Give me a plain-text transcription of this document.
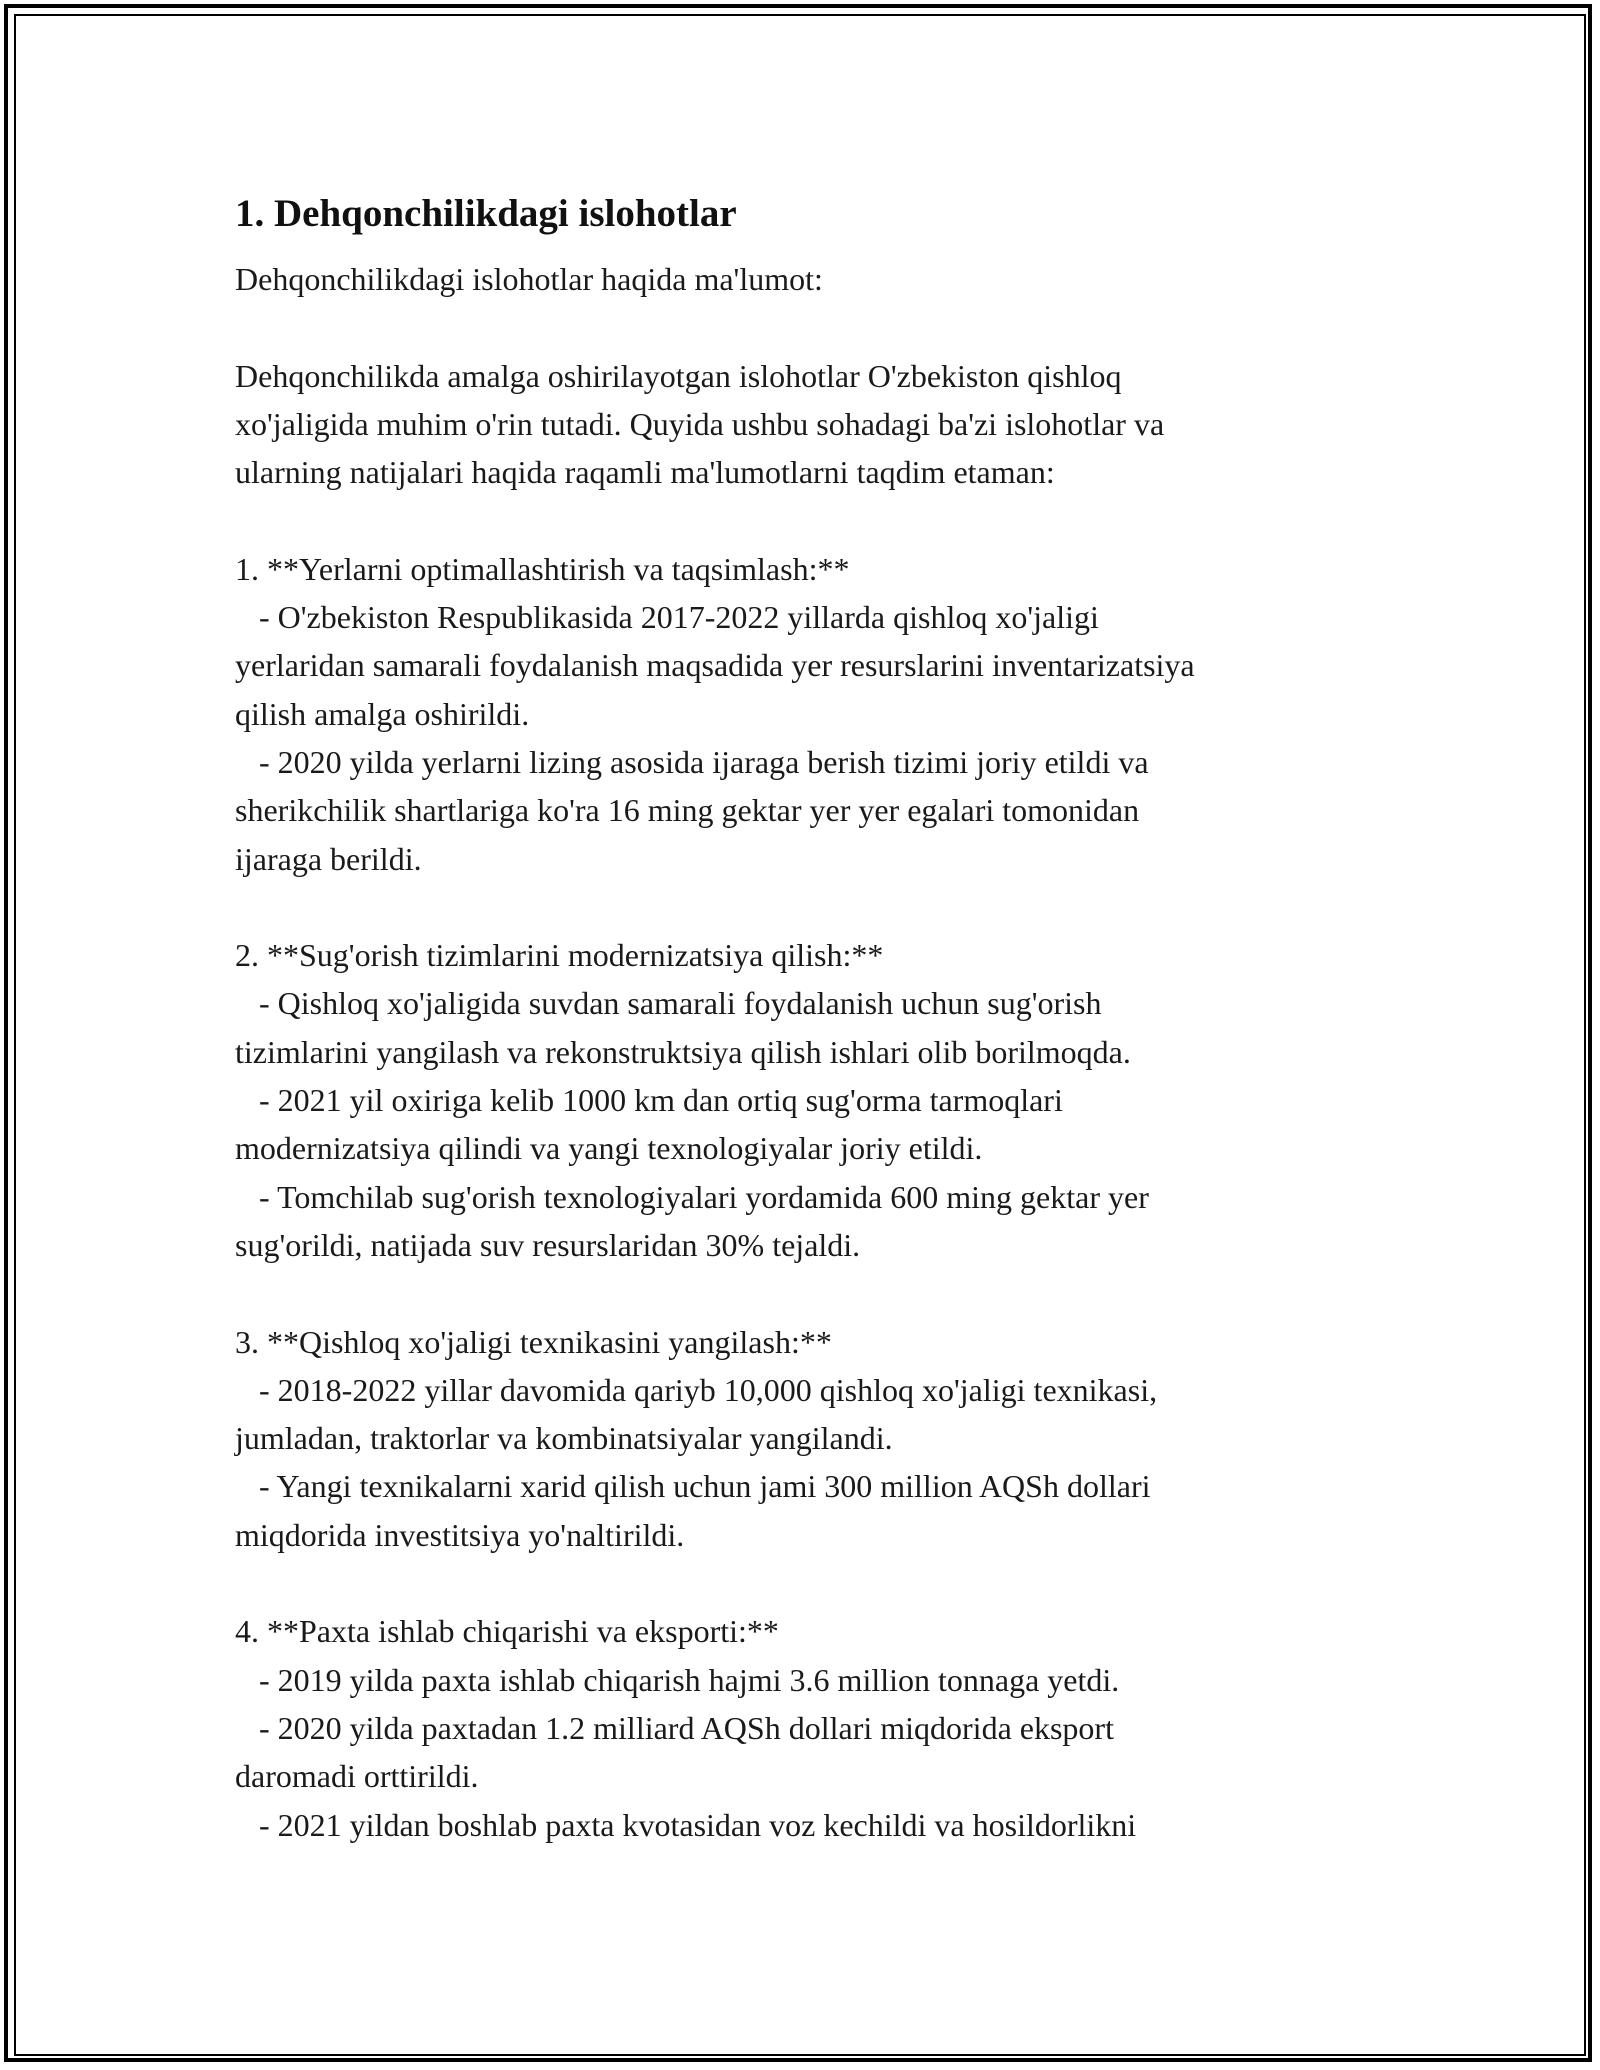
1. Dehqonchilikdagi islohotlar

Dehqonchilikdagi islohotlar haqida ma'lumot:

Dehqonchilikda amalga oshirilayotgan islohotlar O'zbekiston qishloq

xo'jaligida muhim o'rin tutadi. Quyida ushbu sohadagi ba'zi islohotlar va

ularning natijalari haqida raqamli ma'lumotlarni taqdim etaman:

1. **Yerlarni optimallashtirish va taqsimlash:**

- O'zbekiston Respublikasida 2017-2022 yillarda qishloq xo'jaligi

yerlaridan samarali foydalanish maqsadida yer resurslarini inventarizatsiya

qilish amalga oshirildi.

- 2020 yilda yerlarni lizing asosida ijaraga berish tizimi joriy etildi va

sherikchilik shartlariga ko'ra 16 ming gektar yer yer egalari tomonidan

ijaraga berildi.

2. **Sug'orish tizimlarini modernizatsiya qilish:**

- Qishloq xo'jaligida suvdan samarali foydalanish uchun sug'orish

tizimlarini yangilash va rekonstruktsiya qilish ishlari olib borilmoqda.

- 2021 yil oxiriga kelib 1000 km dan ortiq sug'orma tarmoqlari

modernizatsiya qilindi va yangi texnologiyalar joriy etildi.

- Tomchilab sug'orish texnologiyalari yordamida 600 ming gektar yer

sug'orildi, natijada suv resurslaridan 30% tejaldi.

3. **Qishloq xo'jaligi texnikasini yangilash:**

- 2018-2022 yillar davomida qariyb 10,000 qishloq xo'jaligi texnikasi,

jumladan, traktorlar va kombinatsiyalar yangilandi.

- Yangi texnikalarni xarid qilish uchun jami 300 million AQSh dollari

miqdorida investitsiya yo'naltirildi.

4. **Paxta ishlab chiqarishi va eksporti:**

- 2019 yilda paxta ishlab chiqarish hajmi 3.6 million tonnaga yetdi.

- 2020 yilda paxtadan 1.2 milliard AQSh dollari miqdorida eksport

daromadi orttirildi.

- 2021 yildan boshlab paxta kvotasidan voz kechildi va hosildorlikni
